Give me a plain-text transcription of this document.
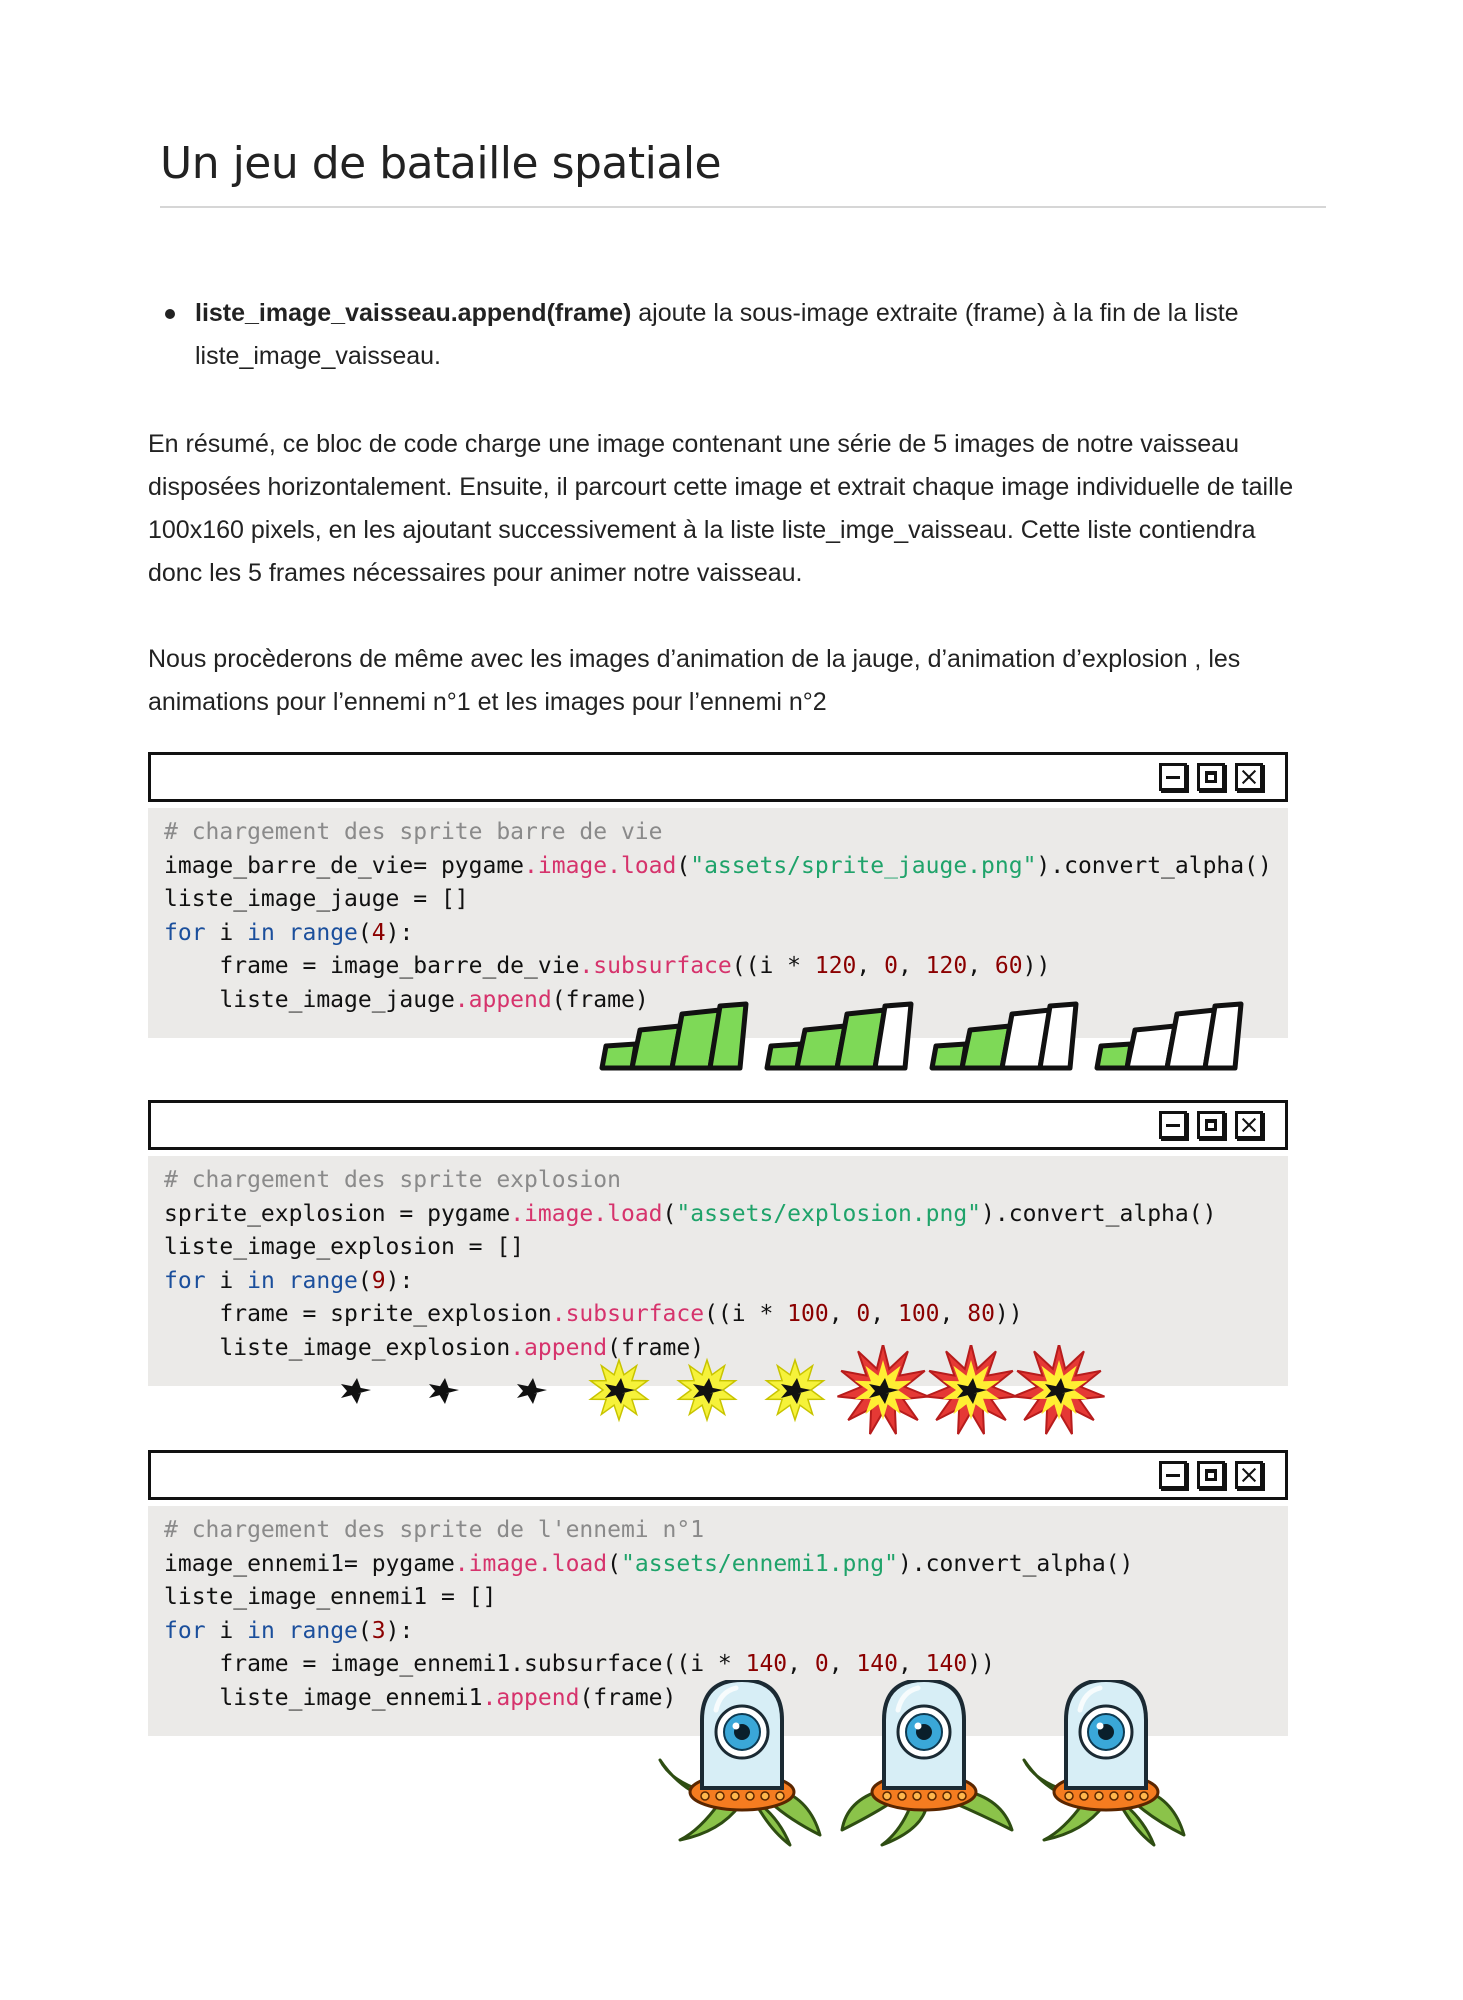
Un jeu de bataille spatiale
liste_image_vaisseau.append(frame) ajoute la sous-image extraite (frame) à la fin de la liste liste_image_vaisseau.

En résumé, ce bloc de code charge une image contenant une série de 5 images de notre vaisseau disposées horizontalement. Ensuite, il parcourt cette image et extrait chaque image individuelle de taille 100x160 pixels, en les ajoutant successivement à la liste liste_imge_vaisseau. Cette liste contiendra donc les 5 frames nécessaires pour animer notre vaisseau.

Nous procèderons de même avec les images d’animation de la jauge, d’animation d’explosion , les animations pour l’ennemi n°1 et les images pour l’ennemi n°2

# chargement des sprite barre de vie
image_barre_de_vie= pygame.image.load("assets/sprite_jauge.png").convert_alpha()
liste_image_jauge = []
for i in range(4):
frame = image_barre_de_vie.subsurface((i * 120, 0, 120, 60))
liste_image_jauge.append(frame)
# chargement des sprite explosion
sprite_explosion = pygame.image.load("assets/explosion.png").convert_alpha()
liste_image_explosion = []
for i in range(9):
frame = sprite_explosion.subsurface((i * 100, 0, 100, 80))
liste_image_explosion.append(frame)
# chargement des sprite de l'ennemi n°1
image_ennemi1= pygame.image.load("assets/ennemi1.png").convert_alpha()
liste_image_ennemi1 = []
for i in range(3):
frame = image_ennemi1.subsurface((i * 140, 0, 140, 140))
liste_image_ennemi1.append(frame)
